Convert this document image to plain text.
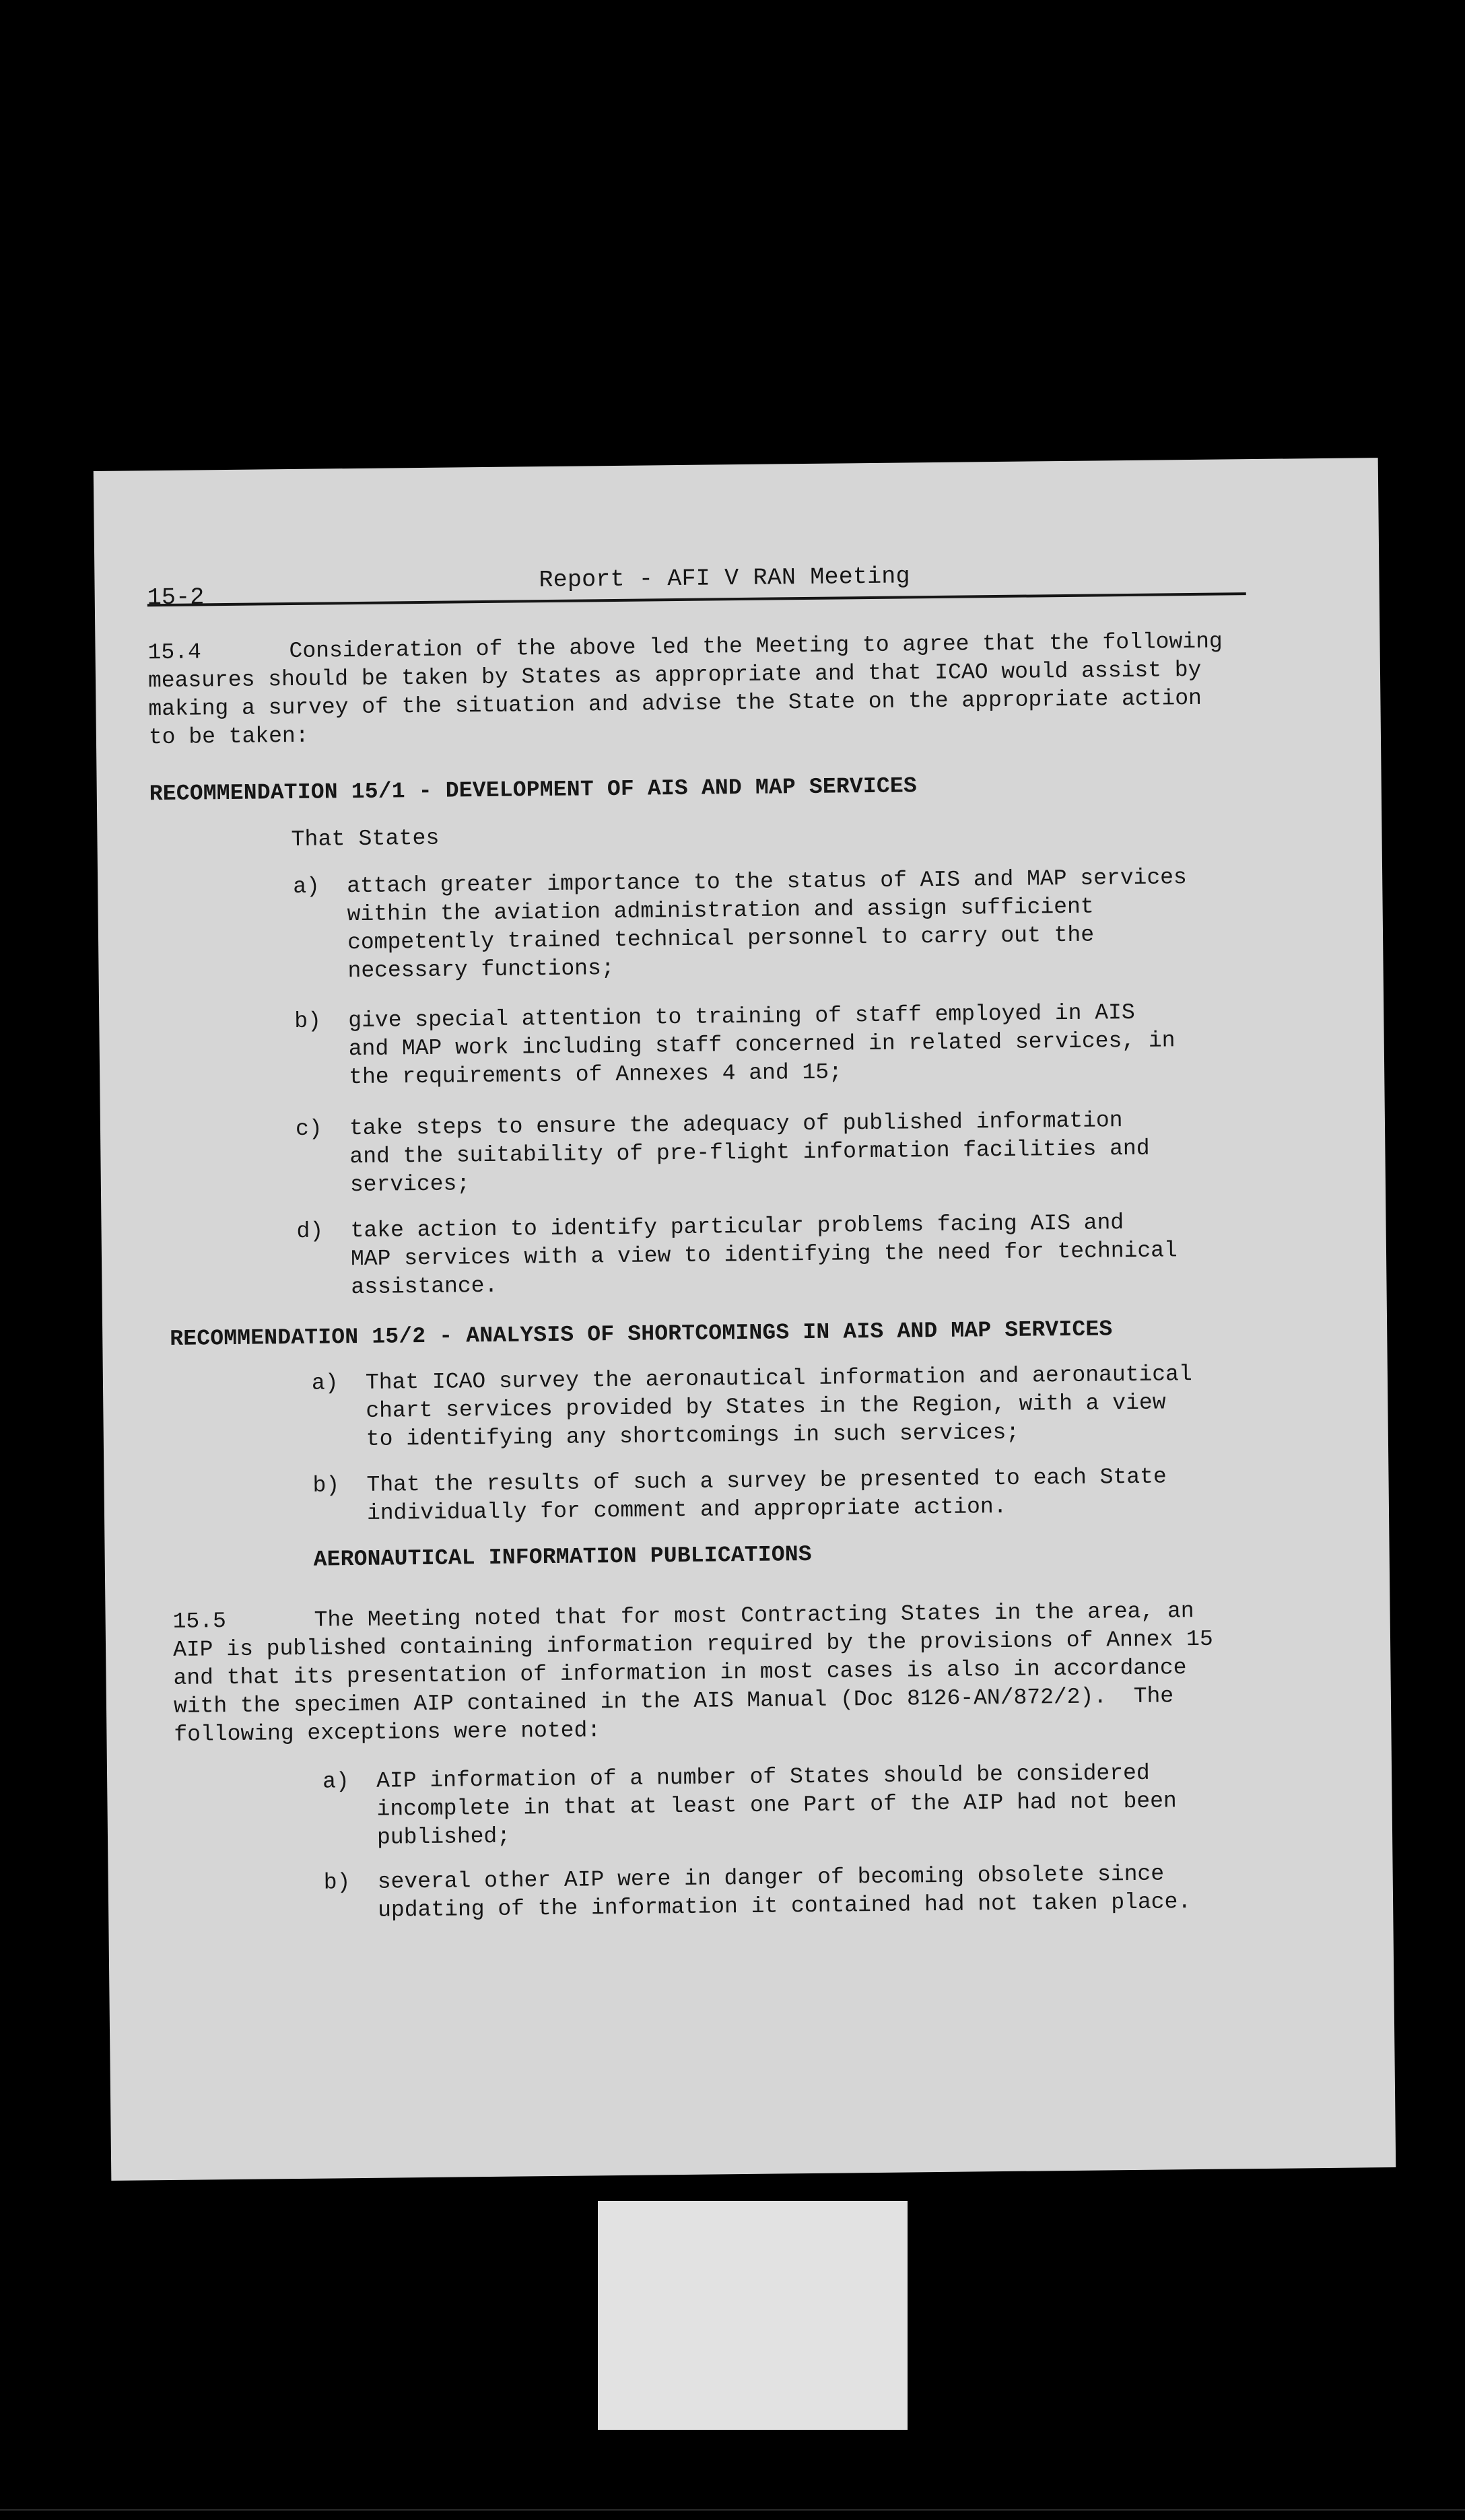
15-2
Report - AFI V RAN Meeting
15.4	Consideration of the above led the Meeting to agree that the following
measures should be taken by States as appropriate and that ICAO would assist by
making a survey of the situation and advise the State on the appropriate action
to be taken:
RECOMMENDATION 15/1 - DEVELOPMENT OF AIS AND MAP SERVICES
That States
a) attach greater importance to the status of AIS and MAP services
within the aviation administration and assign sufficient
competently trained technical personnel to carry out the
necessary functions;
b) give special attention to training of staff employed in AIS
and MAP work including staff concerned in related services, in
the requirements of Annexes 4 and 15;
c) take steps to ensure the adequacy of published information
and the suitability of pre-flight information facilities and
services;
d) take action to identify particular problems facing AIS and
MAP services with a view to identifying the need for technical
assistance.
RECOMMENDATION 15/2 - ANALYSIS OF SHORTCOMINGS IN AIS AND MAP SERVICES
a) That ICAO survey the aeronautical information and aeronautical
chart services provided by States in the Region, with a view
to identifying any shortcomings in such services;
b) That the results of such a survey be presented to each State
individually for comment and appropriate action.
AERONAUTICAL INFORMATION PUBLICATIONS
15.5	The Meeting noted that for most Contracting States in the area, an
AIP is published containing information required by the provisions of Annex 15
and that its presentation of information in most cases is also in accordance
with the specimen AIP contained in the AIS Manual (Doc 8126-AN/872/2).  The
following exceptions were noted:
a) AIP information of a number of States should be considered
incomplete in that at least one Part of the AIP had not been
published;
b) several other AIP were in danger of becoming obsolete since
updating of the information it contained had not taken place.
